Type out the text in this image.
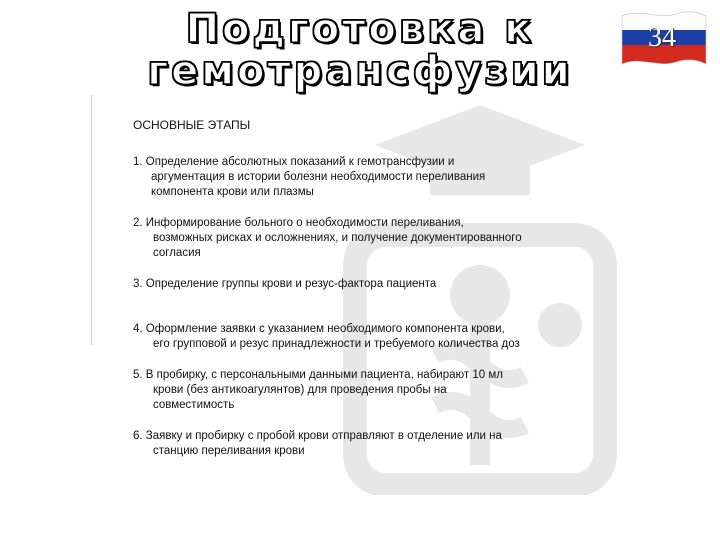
Подготовка к
гемотрансфузии
34
ОСНОВНЫЕ ЭТАПЫ
1. Определение абсолютных показаний к гемотрансфузии и
аргументация в истории болезни необходимости переливания
компонента крови или плазмы
2. Информирование больного о необходимости переливания,
возможных рисках и осложнениях, и получение документированного
согласия
3. Определение группы крови и резус-фактора пациента
4. Оформление заявки с указанием необходимого компонента крови,
его групповой и резус принадлежности и требуемого количества доз
5. В пробирку, с персональными данными пациента, набирают 10 мл
крови (без антикоагулянтов) для проведения пробы на
совместимость
6. Заявку и пробирку с пробой крови отправляют в отделение или на
станцию переливания крови
